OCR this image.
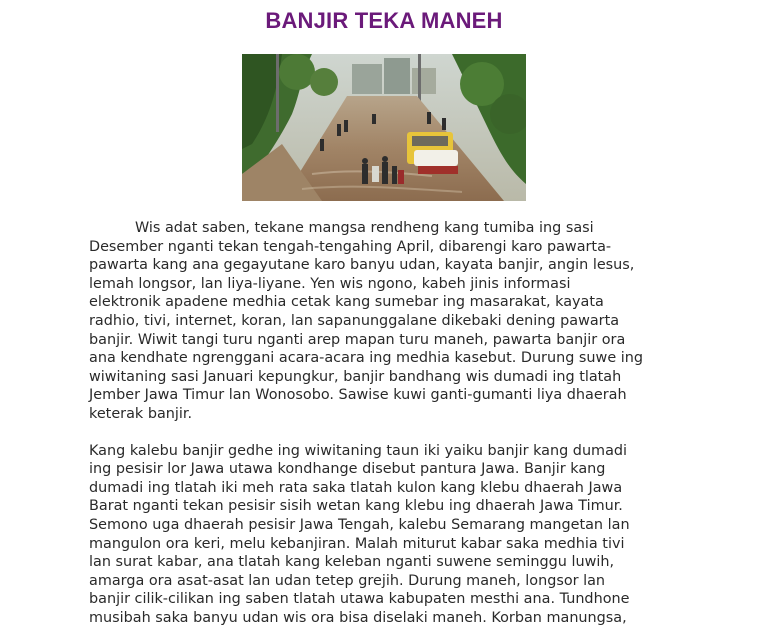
BANJIR TEKA MANEH

Wis adat saben, tekane mangsa rendheng kang tumiba ing sasi
Desember nganti tekan tengah-tengahing April, dibarengi karo pawarta-
pawarta kang ana gegayutane karo banyu udan, kayata banjir, angin lesus,
lemah longsor, lan liya-liyane. Yen wis ngono, kabeh jinis informasi
elektronik apadene medhia cetak kang sumebar ing masarakat, kayata
radhio, tivi, internet, koran, lan sapanunggalane dikebaki dening pawarta
banjir. Wiwit tangi turu nganti arep mapan turu maneh, pawarta banjir ora
ana kendhate ngrenggani acara-acara ing medhia kasebut. Durung suwe ing
wiwitaning sasi Januari kepungkur, banjir bandhang wis dumadi ing tlatah
Jember Jawa Timur lan Wonosobo. Sawise kuwi ganti-gumanti liya dhaerah
keterak banjir.

Kang kalebu banjir gedhe ing wiwitaning taun iki yaiku banjir kang dumadi
ing pesisir lor Jawa utawa kondhange disebut pantura Jawa. Banjir kang
dumadi ing tlatah iki meh rata saka tlatah kulon kang klebu dhaerah Jawa
Barat nganti tekan pesisir sisih wetan kang klebu ing dhaerah Jawa Timur.
Semono uga dhaerah pesisir Jawa Tengah, kalebu Semarang mangetan lan
mangulon ora keri, melu kebanjiran. Malah miturut kabar saka medhia tivi
lan surat kabar, ana tlatah kang keleban nganti suwene seminggu luwih,
amarga ora asat-asat lan udan tetep grejih. Durung maneh, longsor lan
banjir cilik-cilikan ing saben tlatah utawa kabupaten mesthi ana. Tundhone
musibah saka banyu udan wis ora bisa diselaki maneh. Korban manungsa,
